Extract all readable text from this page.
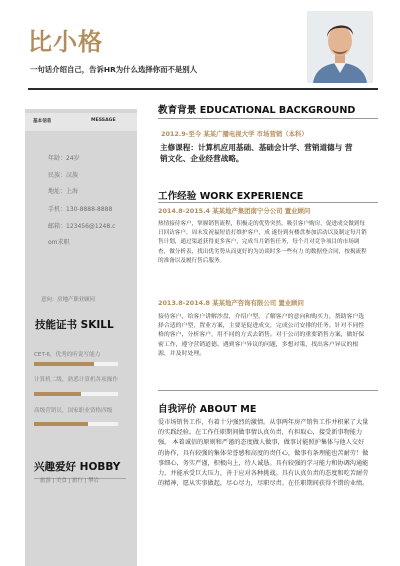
比小格
一句话介绍自己，告诉HR为什么选择你而不是别人
基本信息	MESSAGE
年龄：24岁
民族：汉族
地址：上海
手机：130-8888-8888
邮箱：123456@1248.c
om求职
意向：房地产职业顾问
技能证书 SKILL
CET-6，优秀的听说写能力
计算机二级，熟悉计算机各项操作
高级营销员，国家职业资格四级
兴趣爱好 HOBBY
旅游 | 美食 | 旅行 | 攀岩
教育背景 EDUCATIONAL BACKGROUND
2012.9-至今 某某广播电视大学 市场营销（本科）
主修课程：计算机应用基础、基础会计学、营销道德与 营销文化、企业经营战略。
工作经验 WORK EXPERIENCE
2014.8-2015.4 某某地产集团南宁分公司 置业顾问
热情接待客户，掌握销售流程，积极走的优势突然，吸引客户购房，促进成交做到每日回访客户，周末发祝福短语打维护客户，成 遂份到有楼盘参加活动以及制定每月销售计划，通过渠道获得更多客户，完成当月销售任务，每个月对竞争项目的市场调查，做分析表，找出优劣势从而更好的为访谈时多一些有力 的数据登合同，按揭流程的准备以及履行售后服务。
2013.8-2014.8 某某地产咨询有限公司 置业顾问
接待客户，给客户讲解沙盘，介绍户型，了解客户的意向和购买力，帮助客户选择合适的户型，置业方案，主要是促进成交，完成公司安排的任务。针对不同性格的客户，分析客户，用不同的方式去销售。对于公司的重要销售方案，做好保密工作，遵守营销道德。遇到客户异议的问题，多想对策，找出客户异议的根源，并及时处理。
自我评价 ABOUT ME
爱市场销售工作，有着十分强烈的激情。从事两年房产销售工作并积累了大量的实践经验。在工作任职期间做事情认真负责，有担取心，接受新事物能力强。 本着诚信的原则和严谨的态度做人做事，做事讨能照护集体与他人交好的协作，具有较强的集体荣誉感和高度的责任心，做事有条理能也苦耐劳！做事细心，务实严谨，积极向上，待人诚恳。具有较强的学习能力和协调沟通能力，并能承受巨大压力，善于应对各种挑战。具有认真负责的态度和吃苦耐劳的精神，愿从实事做起，尽心尽力，尽职尽责。在任职期间获得不错的业绩。
